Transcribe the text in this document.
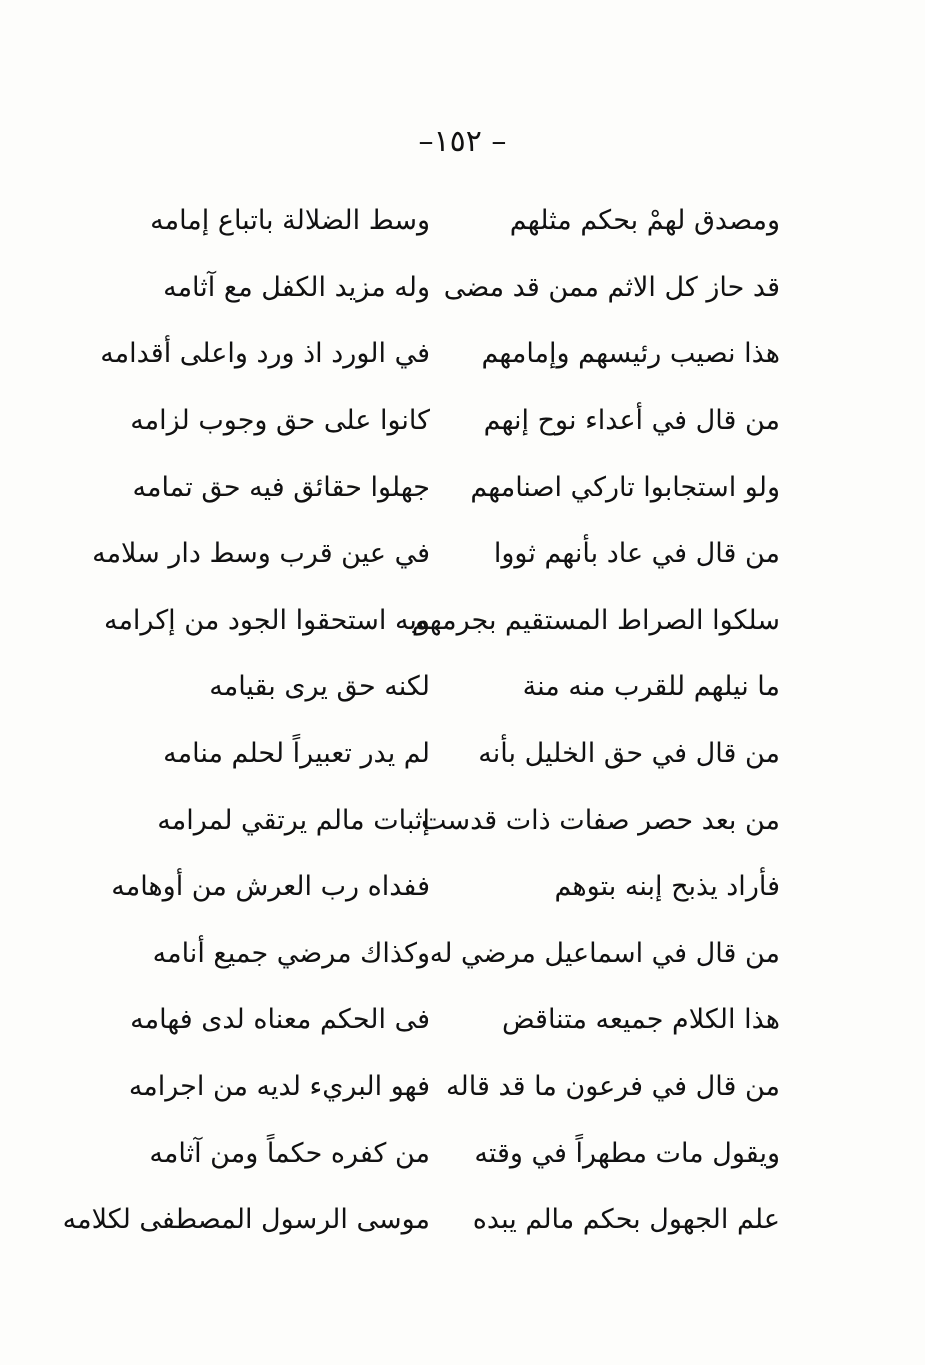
– ١٥٢–
ومصدق لهمْ بحكم مثلهم
وسط الضلالة باتباع إمامه
قد حاز كل الاثم ممن قد مضى
وله مزيد الكفل مع آثامه
هذا نصيب رئيسهم وإمامهم
في الورد اذ ورد واعلى أقدامه
من قال في أعداء نوح إنهم
كانوا على حق وجوب لزامه
ولو استجابوا تاركي اصنامهم
جهلوا حقائق فيه حق تمامه
من قال في عاد بأنهم ثووا
في عين قرب وسط دار سلامه
سلكوا الصراط المستقيم بجرمهم
وبه استحقوا الجود من إكرامه
ما نيلهم للقرب منه منة
لكنه حق يرى بقيامه
من قال في حق الخليل بأنه
لم يدر تعبيراً لحلم منامه
من بعد حصر صفات ذات قدست
إثبات مالم يرتقي لمرامه
فأراد يذبح إبنه بتوهم
ففداه رب العرش من أوهامه
من قال في اسماعيل مرضي له
وكذاك مرضي جميع أنامه
هذا الكلام جميعه متناقض
فى الحكم معناه لدى فهامه
من قال في فرعون ما قد قاله
فهو البريء لديه من اجرامه
ويقول مات مطهراً في وقته
من كفره حكماً ومن آثامه
علم الجهول بحكم مالم يبده
موسى الرسول المصطفى لكلامه
